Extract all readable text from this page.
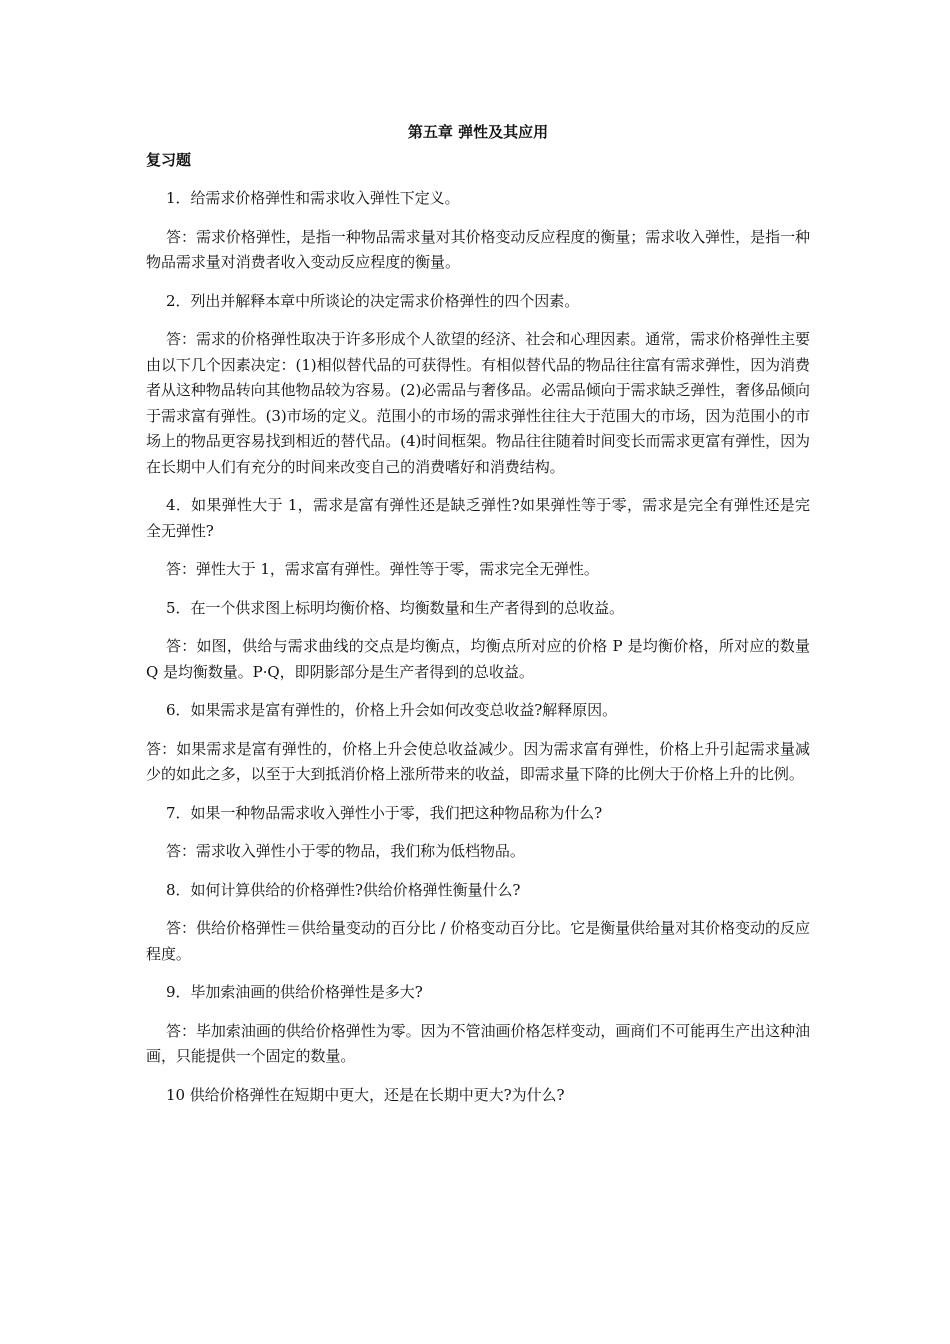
第五章 弹性及其应用
复习题

1．给需求价格弹性和需求收入弹性下定义。

答：需求价格弹性，是指一种物品需求量对其价格变动反应程度的衡量；需求收入弹性，是指一种物品需求量对消费者收入变动反应程度的衡量。

2．列出并解释本章中所谈论的决定需求价格弹性的四个因素。

答：需求的价格弹性取决于许多形成个人欲望的经济、社会和心理因素。通常，需求价格弹性主要由以下几个因素决定：(1)相似替代品的可获得性。有相似替代品的物品往往富有需求弹性，因为消费者从这种物品转向其他物品较为容易。(2)必需品与奢侈品。必需品倾向于需求缺乏弹性，奢侈品倾向于需求富有弹性。(3)市场的定义。范围小的市场的需求弹性往往大于范围大的市场，因为范围小的市场上的物品更容易找到相近的替代品。(4)时间框架。物品往往随着时间变长而需求更富有弹性，因为在长期中人们有充分的时间来改变自己的消费嗜好和消费结构。

4．如果弹性大于 1，需求是富有弹性还是缺乏弹性?如果弹性等于零，需求是完全有弹性还是完全无弹性?

答：弹性大于 1，需求富有弹性。弹性等于零，需求完全无弹性。

5．在一个供求图上标明均衡价格、均衡数量和生产者得到的总收益。

答：如图，供给与需求曲线的交点是均衡点，均衡点所对应的价格 P 是均衡价格，所对应的数量 Q 是均衡数量。P·Q，即阴影部分是生产者得到的总收益。

6．如果需求是富有弹性的，价格上升会如何改变总收益?解释原因。

答：如果需求是富有弹性的，价格上升会使总收益减少。因为需求富有弹性，价格上升引起需求量减少的如此之多，以至于大到抵消价格上涨所带来的收益，即需求量下降的比例大于价格上升的比例。

7．如果一种物品需求收入弹性小于零，我们把这种物品称为什么?

答：需求收入弹性小于零的物品，我们称为低档物品。

8．如何计算供给的价格弹性?供给价格弹性衡量什么?

答：供给价格弹性＝供给量变动的百分比 / 价格变动百分比。它是衡量供给量对其价格变动的反应程度。

9．毕加索油画的供给价格弹性是多大?

答：毕加索油画的供给价格弹性为零。因为不管油画价格怎样变动，画商们不可能再生产出这种油画，只能提供一个固定的数量。

10 供给价格弹性在短期中更大，还是在长期中更大?为什么?
